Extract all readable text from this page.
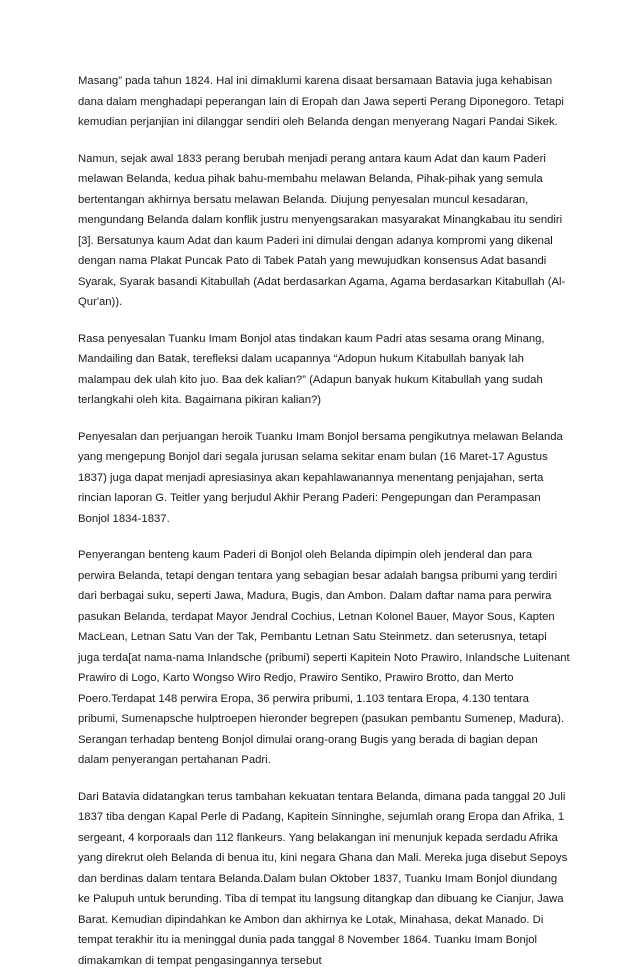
Masang” pada tahun 1824. Hal ini dimaklumi karena disaat bersamaan Batavia juga kehabisan dana dalam menghadapi peperangan lain di Eropah dan Jawa seperti Perang Diponegoro. Tetapi kemudian perjanjian ini dilanggar sendiri oleh Belanda dengan menyerang Nagari Pandai Sikek.

Namun, sejak awal 1833 perang berubah menjadi perang antara kaum Adat dan kaum Paderi melawan Belanda, kedua pihak bahu-membahu melawan Belanda, Pihak-pihak yang semula bertentangan akhirnya bersatu melawan Belanda. Diujung penyesalan muncul kesadaran, mengundang Belanda dalam konflik justru menyengsarakan masyarakat Minangkabau itu sendiri [3]. Bersatunya kaum Adat dan kaum Paderi ini dimulai dengan adanya kompromi yang dikenal dengan nama Plakat Puncak Pato di Tabek Patah yang mewujudkan konsensus Adat basandi Syarak, Syarak basandi Kitabullah (Adat berdasarkan Agama, Agama berdasarkan Kitabullah (Al-Qur'an)).

Rasa penyesalan Tuanku Imam Bonjol atas tindakan kaum Padri atas sesama orang Minang, Mandailing dan Batak, terefleksi dalam ucapannya “Adopun hukum Kitabullah banyak lah malampau dek ulah kito juo. Baa dek kalian?” (Adapun banyak hukum Kitabullah yang sudah terlangkahi oleh kita. Bagaimana pikiran kalian?)

Penyesalan dan perjuangan heroik Tuanku Imam Bonjol bersama pengikutnya melawan Belanda yang mengepung Bonjol dari segala jurusan selama sekitar enam bulan (16 Maret-17 Agustus 1837) juga dapat menjadi apresiasinya akan kepahlawanannya menentang penjajahan, serta rincian laporan G. Teitler yang berjudul Akhir Perang Paderi: Pengepungan dan Perampasan Bonjol 1834-1837.

Penyerangan benteng kaum Paderi di Bonjol oleh Belanda dipimpin oleh jenderal dan para perwira Belanda, tetapi dengan tentara yang sebagian besar adalah bangsa pribumi yang terdiri dari berbagai suku, seperti Jawa, Madura, Bugis, dan Ambon. Dalam daftar nama para perwira pasukan Belanda, terdapat Mayor Jendral Cochius, Letnan Kolonel Bauer, Mayor Sous, Kapten MacLean, Letnan Satu Van der Tak, Pembantu Letnan Satu Steinmetz. dan seterusnya, tetapi juga terda[at nama-nama Inlandsche (pribumi) seperti Kapitein Noto Prawiro, Inlandsche Luitenant Prawiro di Logo, Karto Wongso Wiro Redjo, Prawiro Sentiko, Prawiro Brotto, dan Merto Poero.Terdapat 148 perwira Eropa, 36 perwira pribumi, 1.103 tentara Eropa, 4.130 tentara pribumi, Sumenapsche hulptroepen hieronder begrepen (pasukan pembantu Sumenep, Madura). Serangan terhadap benteng Bonjol dimulai orang-orang Bugis yang berada di bagian depan dalam penyerangan pertahanan Padri.

Dari Batavia didatangkan terus tambahan kekuatan tentara Belanda, dimana pada tanggal 20 Juli 1837 tiba dengan Kapal Perle di Padang, Kapitein Sinninghe, sejumlah orang Eropa dan Afrika, 1 sergeant, 4 korporaals dan 112 flankeurs. Yang belakangan ini menunjuk kepada serdadu Afrika yang direkrut oleh Belanda di benua itu, kini negara Ghana dan Mali. Mereka juga disebut Sepoys dan berdinas dalam tentara Belanda.Dalam bulan Oktober 1837, Tuanku Imam Bonjol diundang ke Palupuh untuk berunding. Tiba di tempat itu langsung ditangkap dan dibuang ke Cianjur, Jawa Barat. Kemudian dipindahkan ke Ambon dan akhirnya ke Lotak, Minahasa, dekat Manado. Di tempat terakhir itu ia meninggal dunia pada tanggal 8 November 1864. Tuanku Imam Bonjol dimakamkan di tempat pengasingannya tersebut
